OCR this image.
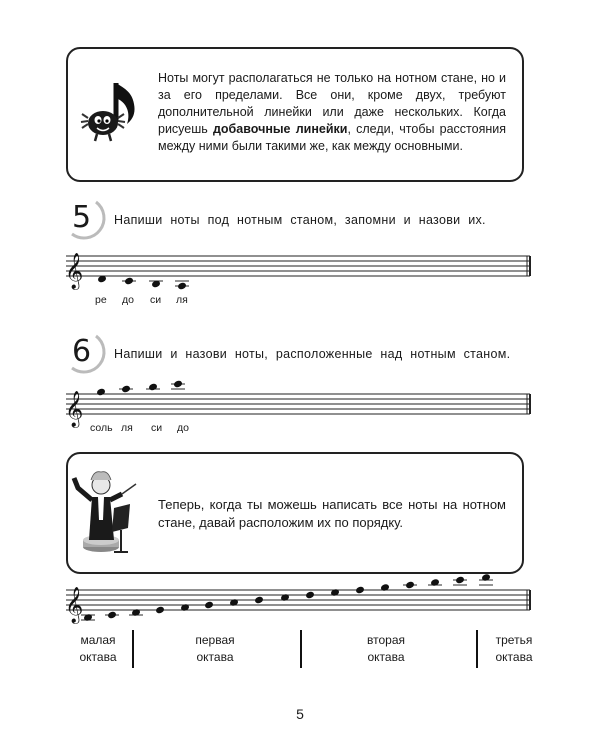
Ноты могут располагаться не только на нотном стане, но и за его пределами. Все они, кроме двух, требуют дополнительной линейки или даже нескольких. Когда рисуешь добавочные линейки, следи, чтобы расстояния между ними были такими же, как между основными.
5 Напиши ноты под нотным станом, запомни и назови их.
𝄞
ре до си ля
6 Напиши и назови ноты, расположенные над нотным станом.
𝄞
соль ля си до
Теперь, когда ты можешь написать все ноты на нотном стане, давай расположим их по порядку.
𝄞
малая
октава
первая
октава
вторая
октава
третья
октава
5
